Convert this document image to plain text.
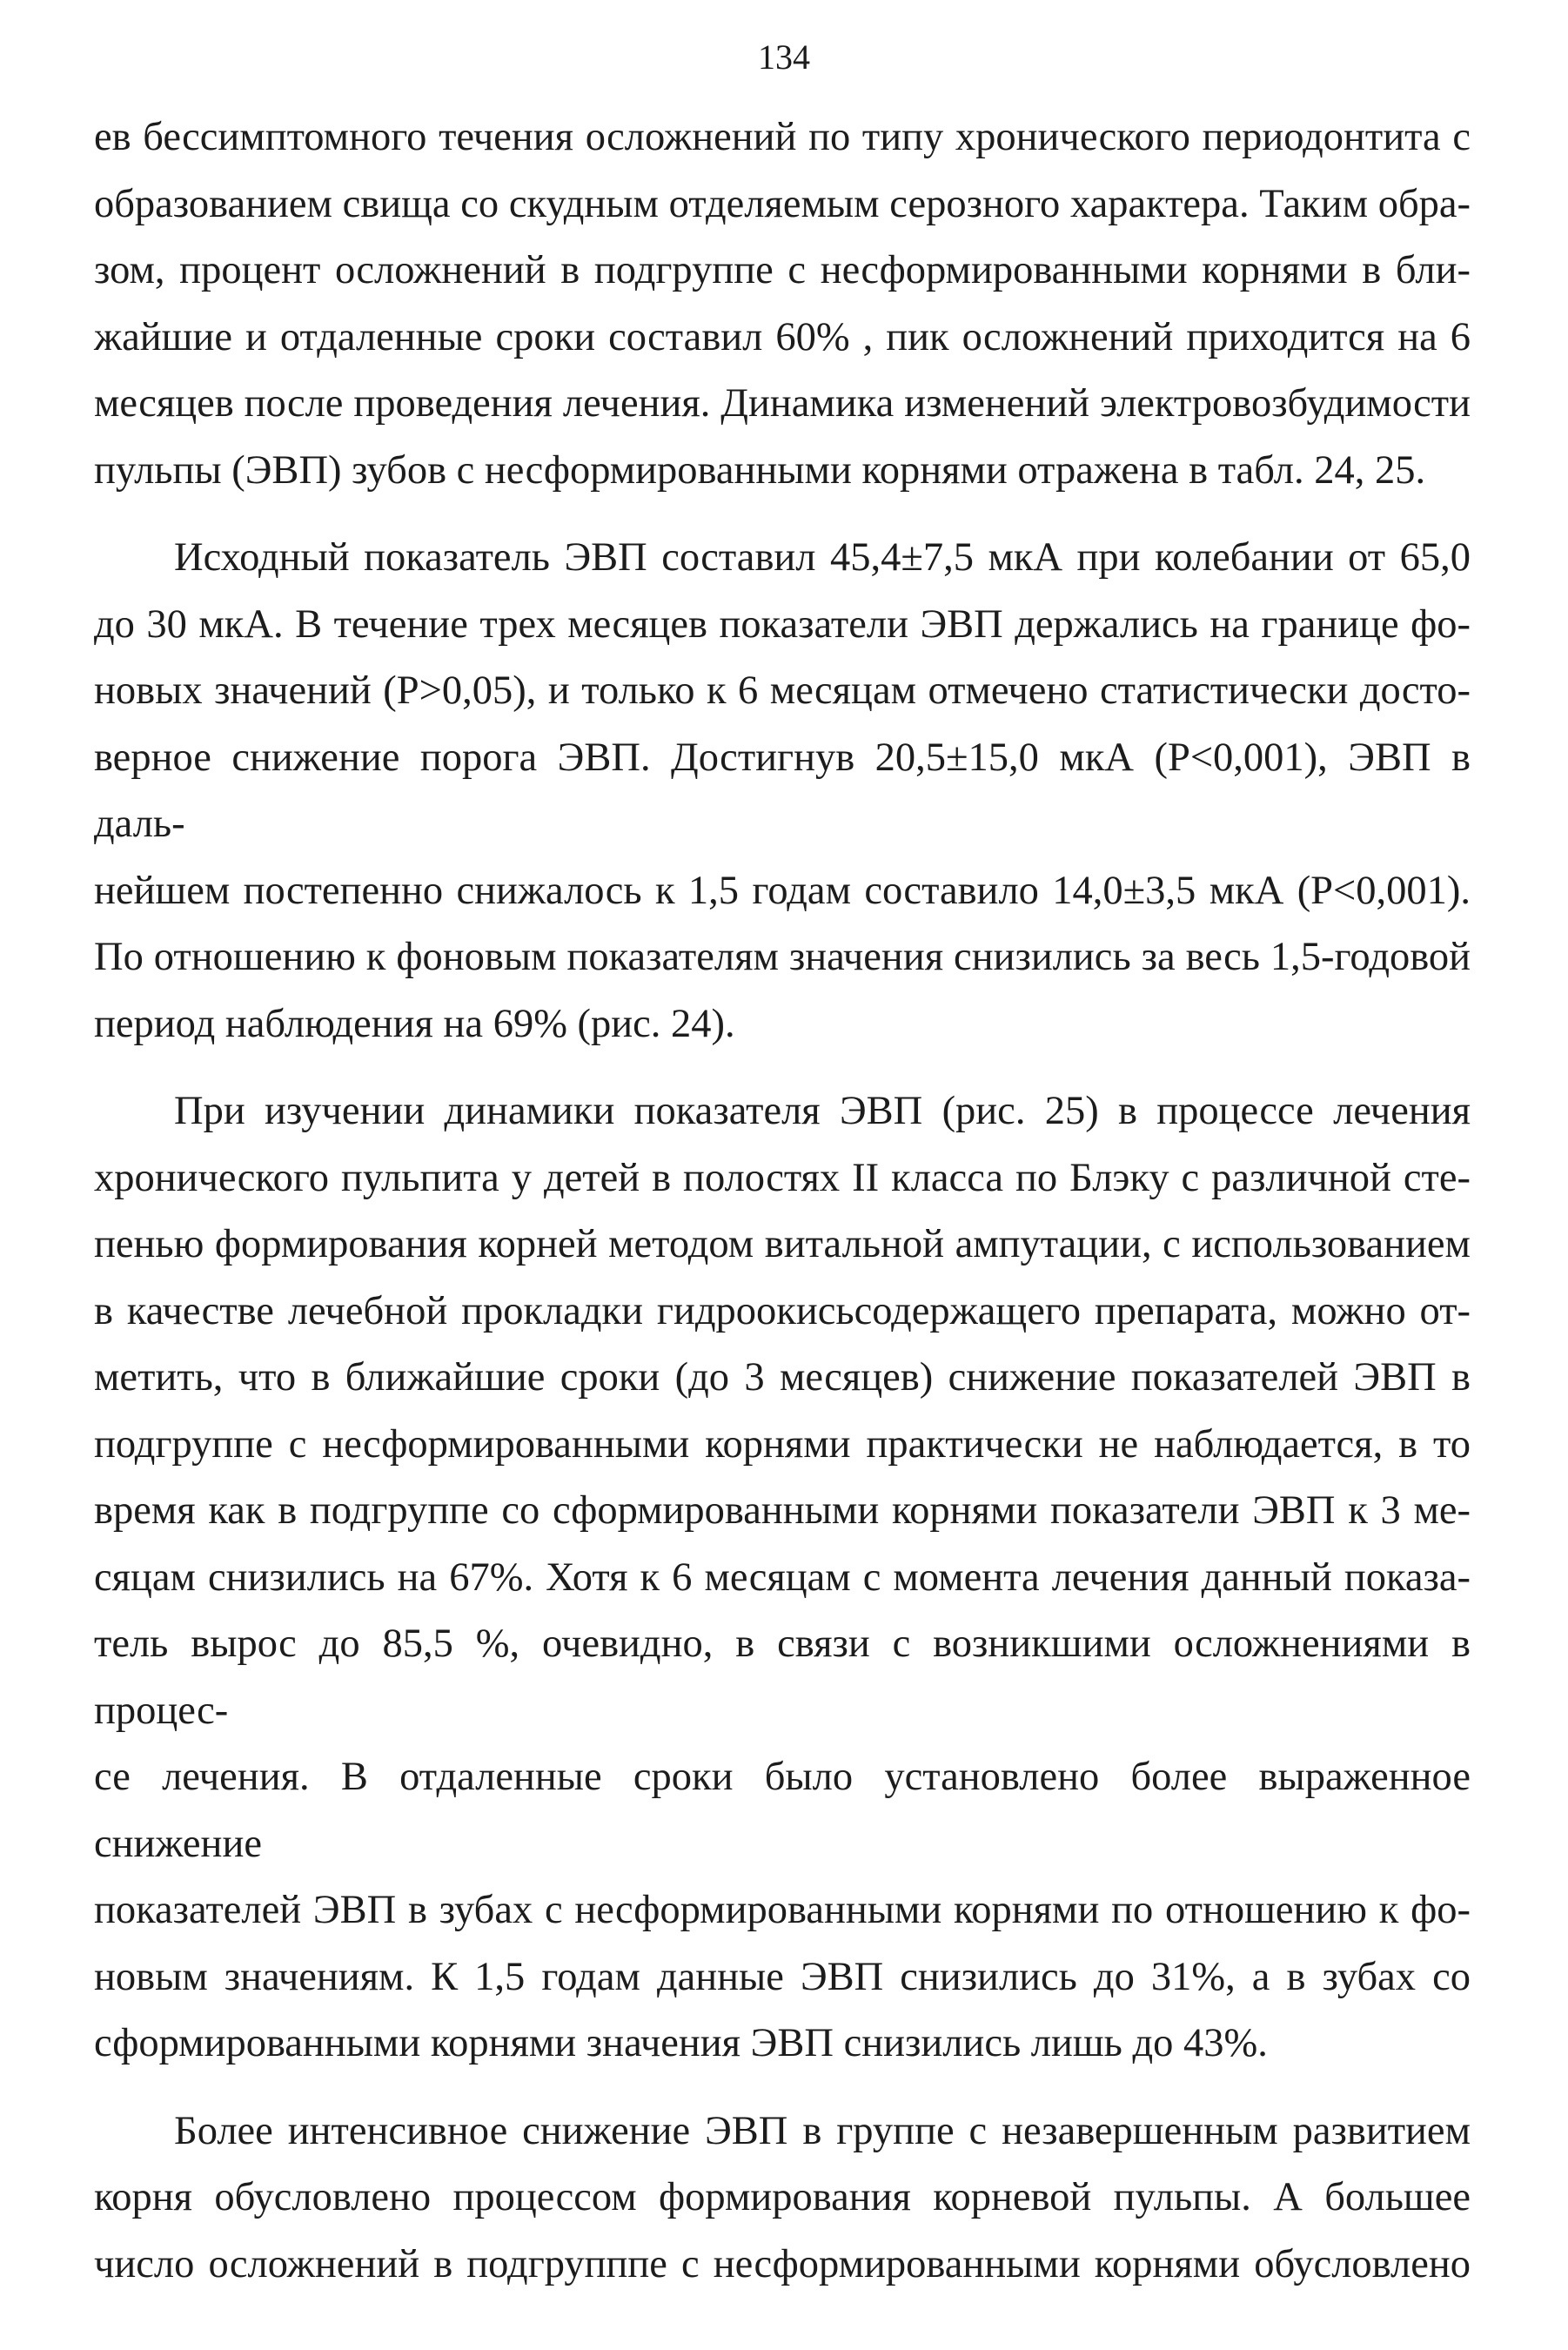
134
ев бессимптомного течения осложнений по типу хронического периодонтита с
образованием свища со скудным отделяемым серозного характера. Таким обра-
зом, процент осложнений в подгруппе с несформированными корнями в бли-
жайшие и отдаленные сроки составил 60% , пик осложнений приходится на 6
месяцев после проведения лечения. Динамика изменений электровозбудимости
пульпы (ЭВП) зубов с несформированными корнями отражена в табл. 24, 25.
Исходный показатель ЭВП составил 45,4±7,5 мкА при колебании от 65,0
до 30 мкА. В течение трех месяцев показатели ЭВП держались на границе фо-
новых значений (Р>0,05), и только к 6 месяцам отмечено статистически досто-
верное снижение порога ЭВП. Достигнув 20,5±15,0 мкА (Р<0,001), ЭВП в даль-
нейшем постепенно снижалось к 1,5 годам составило 14,0±3,5 мкА (Р<0,001).
По отношению к фоновым показателям значения снизились за весь 1,5-годовой
период наблюдения на 69% (рис. 24).
При изучении динамики показателя ЭВП (рис. 25) в процессе лечения
хронического пульпита у детей в полостях II класса по Блэку с различной сте-
пенью формирования корней методом витальной ампутации, с использованием
в качестве лечебной прокладки гидроокисьсодержащего препарата, можно от-
метить, что в ближайшие сроки (до 3 месяцев) снижение показателей ЭВП в
подгруппе с несформированными корнями практически не наблюдается, в то
время как в подгруппе со сформированными корнями показатели ЭВП к 3 ме-
сяцам снизились на 67%. Хотя к 6 месяцам с момента лечения данный показа-
тель вырос до 85,5 %, очевидно, в связи с возникшими осложнениями в процес-
се лечения. В отдаленные сроки было установлено более выраженное снижение
показателей ЭВП в зубах с несформированными корнями по отношению к фо-
новым значениям. К 1,5 годам данные ЭВП снизились до 31%, а в зубах со
сформированными корнями значения ЭВП снизились лишь до 43%.
Более интенсивное снижение ЭВП в группе с незавершенным развитием
корня обусловлено процессом формирования корневой пульпы. А большее
число осложнений в подгрупппе с несформированными корнями обусловлено
